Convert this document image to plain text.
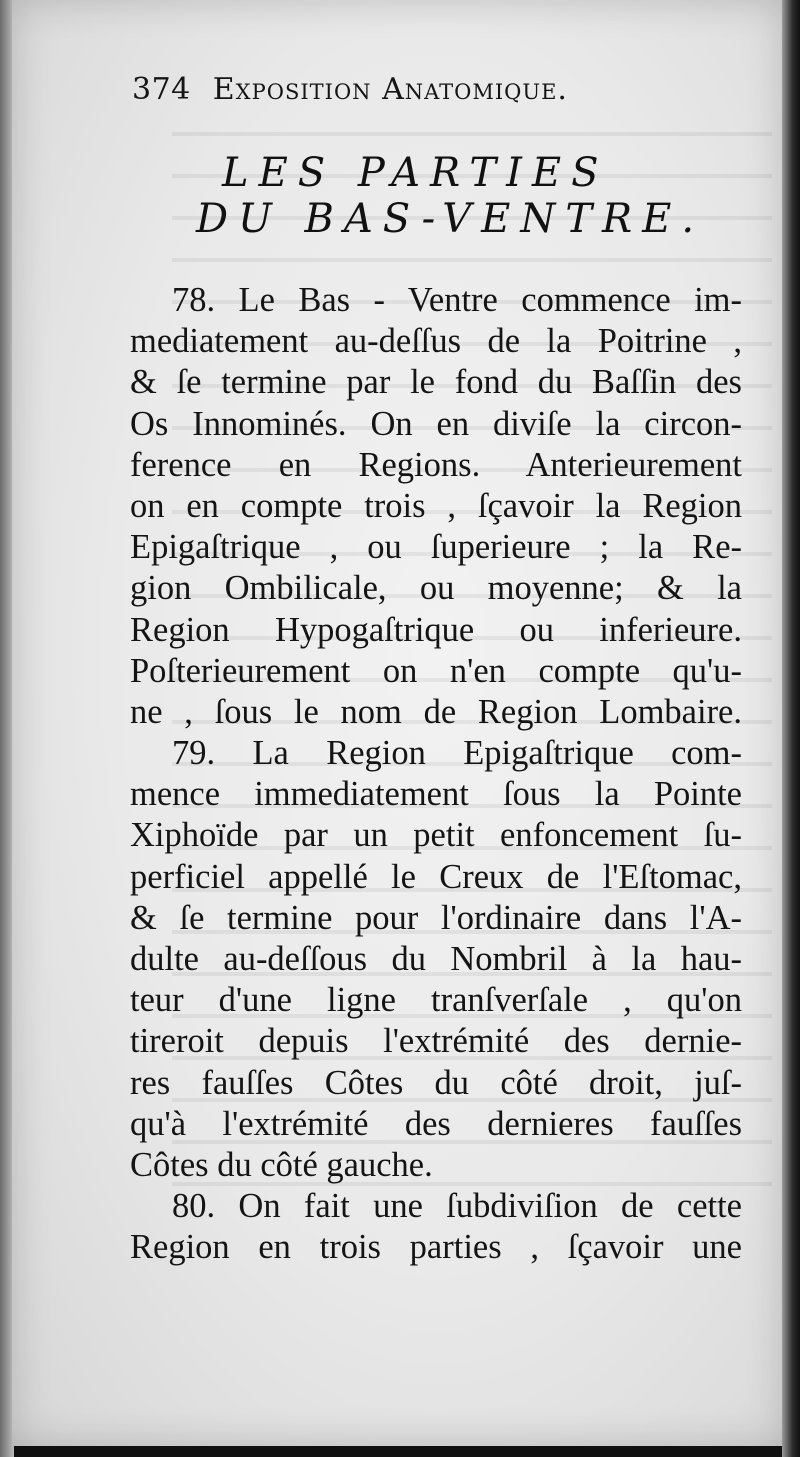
374 Exposition Anatomique.
LES PARTIES
DU BAS-VENTRE.
78. Le Bas - Ventre commence im-
mediatement au-deſſus de la Poitrine ,
& ſe termine par le fond du Baſſin des
Os Innominés. On en diviſe la circon-
ference en Regions. Anterieurement
on en compte trois , ſçavoir la Region
Epigaſtrique , ou ſuperieure ; la Re-
gion Ombilicale, ou moyenne; & la
Region Hypogaſtrique ou inferieure.
Poſterieurement on n'en compte qu'u-
ne , ſous le nom de Region Lombaire.
79. La Region Epigaſtrique com-
mence immediatement ſous la Pointe
Xiphoïde par un petit enfoncement ſu-
perficiel appellé le Creux de l'Eſtomac,
& ſe termine pour l'ordinaire dans l'A-
dulte au-deſſous du Nombril à la hau-
teur d'une ligne tranſverſale , qu'on
tireroit depuis l'extrémité des dernie-
res fauſſes Côtes du côté droit, juſ-
qu'à l'extrémité des dernieres fauſſes
Côtes du côté gauche.
80. On fait une ſubdiviſion de cette
Region en trois parties , ſçavoir une
